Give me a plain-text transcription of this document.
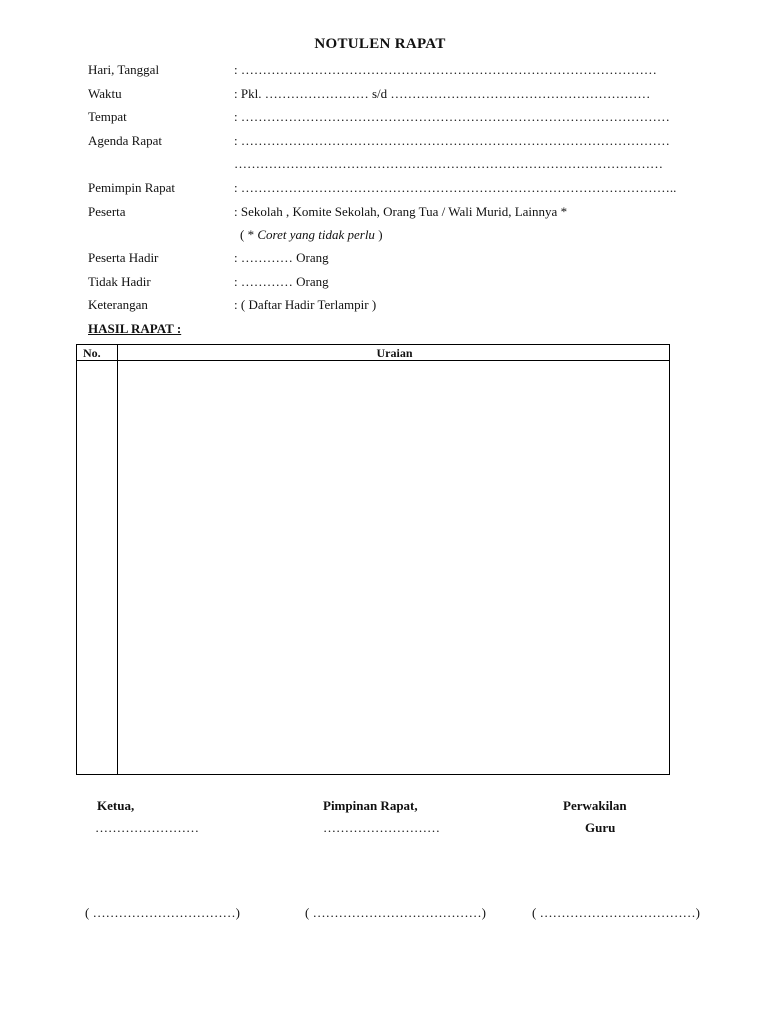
NOTULEN RAPAT
Hari, Tanggal	: ……………………………………………………………………………………
Waktu	: Pkl. …………………… s/d ……………………………………………………
Tempat	: ………………………………………………………………………………………
Agenda Rapat	: ………………………………………………………………………………………
………………………………………………………………………………………
Pemimpin Rapat	: ………………………………………………………………………………………..
Peserta	: Sekolah , Komite Sekolah, Orang Tua / Wali Murid, Lainnya *
( * Coret yang tidak perlu )
Peserta Hadir	: ………… Orang
Tidak Hadir	: ………… Orang
Keterangan	: ( Daftar Hadir Terlampir )
HASIL RAPAT :
No.	Uraian
Ketua,
……………………
( ……………………………)
Pimpinan Rapat,
………………………
( …………………………………)
Perwakilan
Guru
( ………………………………)
